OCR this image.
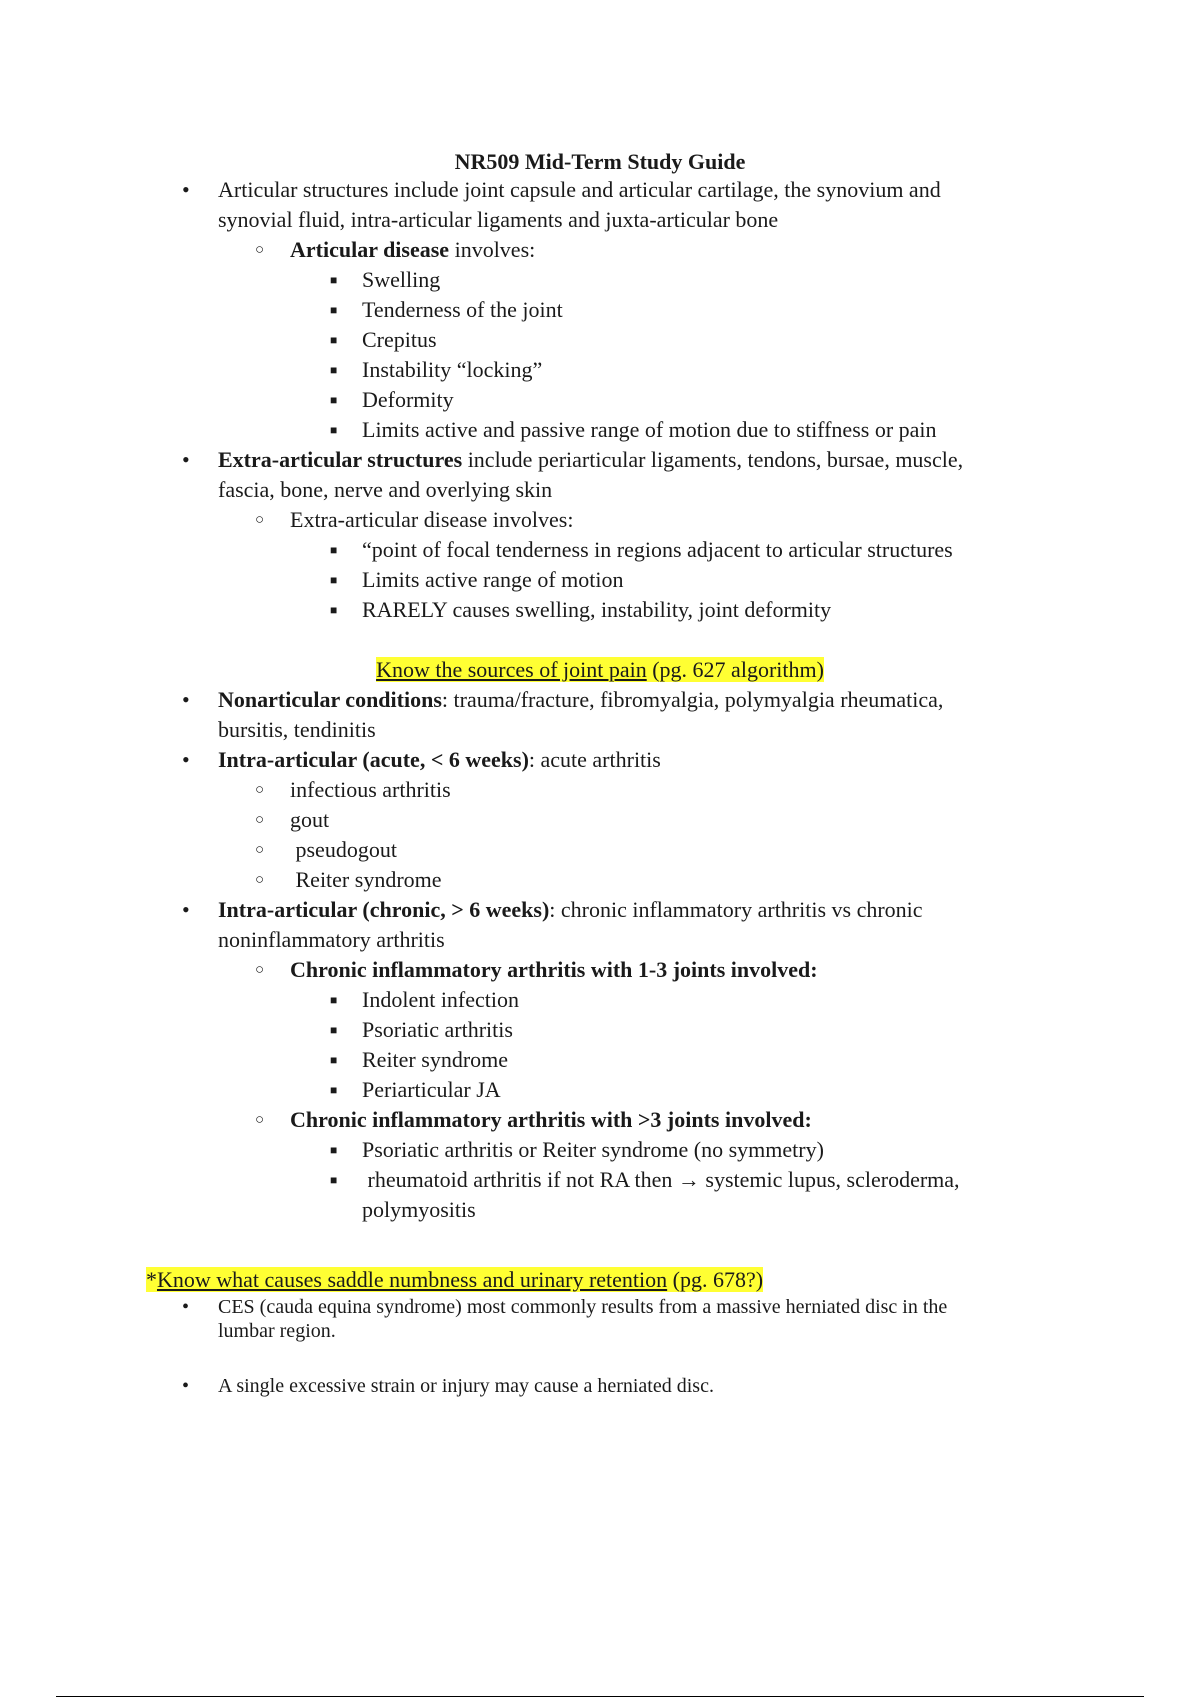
NR509 Mid-Term Study Guide
• Articular structures include joint capsule and articular cartilage, the synovium and
synovial fluid, intra-articular ligaments and juxta-articular bone
○ Articular disease involves:
■ Swelling
■ Tenderness of the joint
■ Crepitus
■ Instability “locking”
■ Deformity
■ Limits active and passive range of motion due to stiffness or pain
• Extra-articular structures include periarticular ligaments, tendons, bursae, muscle,
fascia, bone, nerve and overlying skin
○ Extra-articular disease involves:
■ “point of focal tenderness in regions adjacent to articular structures
■ Limits active range of motion
■ RARELY causes swelling, instability, joint deformity
Know the sources of joint pain (pg. 627 algorithm)
• Nonarticular conditions: trauma/fracture, fibromyalgia, polymyalgia rheumatica,
bursitis, tendinitis
• Intra-articular (acute, < 6 weeks): acute arthritis
○ infectious arthritis
○ gout
○ pseudogout
○ Reiter syndrome
• Intra-articular (chronic, > 6 weeks): chronic inflammatory arthritis vs chronic
noninflammatory arthritis
○ Chronic inflammatory arthritis with 1-3 joints involved:
■ Indolent infection
■ Psoriatic arthritis
■ Reiter syndrome
■ Periarticular JA
○ Chronic inflammatory arthritis with >3 joints involved:
■ Psoriatic arthritis or Reiter syndrome (no symmetry)
■ rheumatoid arthritis if not RA then → systemic lupus, scleroderma,
polymyositis
*Know what causes saddle numbness and urinary retention (pg. 678?)
• CES (cauda equina syndrome) most commonly results from a massive herniated disc in the
lumbar region.
• A single excessive strain or injury may cause a herniated disc.
